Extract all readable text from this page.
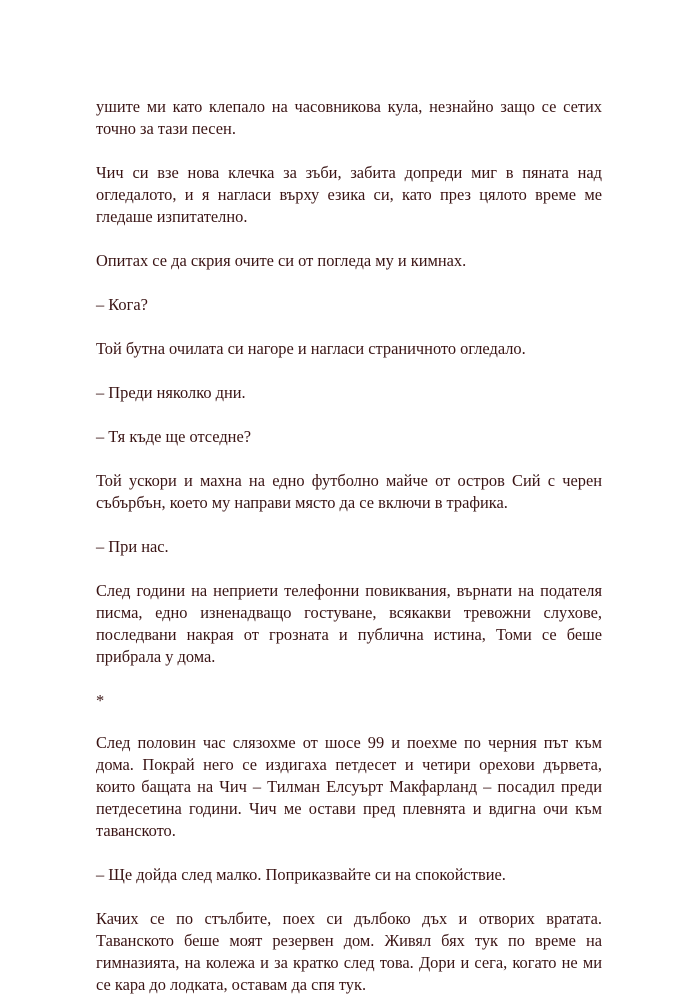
ушите ми като клепало на часовникова кула, незнайно защо се сетих точно за тази песен.

Чич си взе нова клечка за зъби, забита допреди миг в пяната над огледалото, и я нагласи върху езика си, като през цялото време ме гледаше изпитателно.

Опитах се да скрия очите си от погледа му и кимнах.

– Кога?

Той бутна очилата си нагоре и нагласи страничното огледало.

– Преди няколко дни.

– Тя къде ще отседне?

Той ускори и махна на едно футболно майче от остров Сий с черен събърбън, което му направи място да се включи в трафика.

– При нас.

След години на неприети телефонни повиквания, върнати на подателя писма, едно изненадващо гостуване, всякакви тревожни слухове, последвани накрая от грозната и публична истина, Томи се беше прибрала у дома.

*

След половин час слязохме от шосе 99 и поехме по черния път към дома. Покрай него се издигаха петдесет и четири орехови дървета, които бащата на Чич – Тилман Елсуърт Макфарланд – посадил преди петдесетина години. Чич ме остави пред плевнята и вдигна очи към таванското.

– Ще дойда след малко. Поприказвайте си на спокойствие.

Качих се по стълбите, поех си дълбоко дъх и отворих вратата. Таванското беше моят резервен дом. Живял бях тук по време на гимназията, на колежа и за кратко след това. Дори и сега, когато не ми се кара до лодката, оставам да спя тук.
